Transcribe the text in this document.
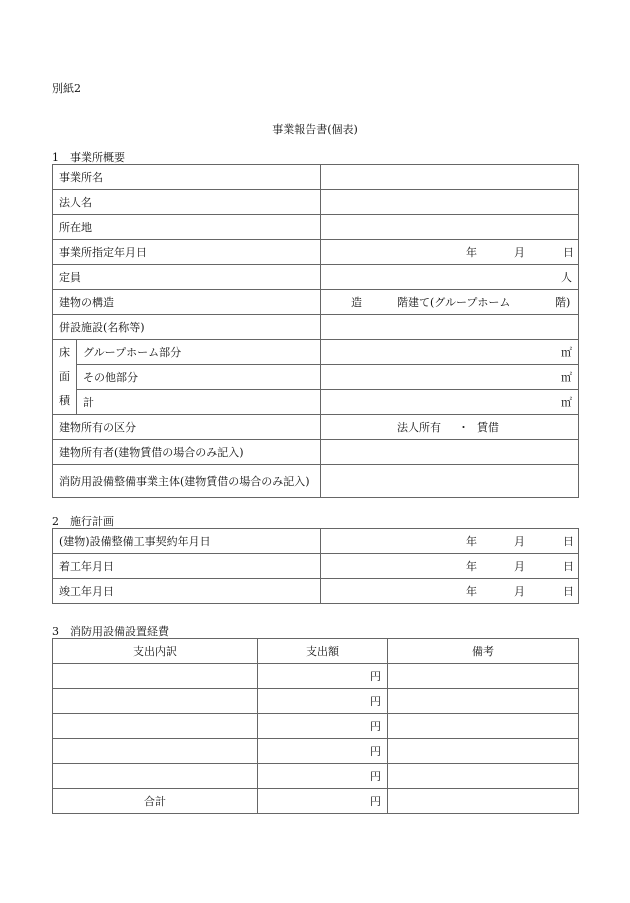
別紙2
事業報告書(個表)
1　事業所概要
事業所名		
法人名		
所在地		
事業所指定年月日		年 月 日

定員		人
建物の構造		造 階建て(グループホーム 階)

併設施設(名称等)		

床
面
積	グループホーム部分	㎡
	その他部分	㎡
	計	㎡
建物所有の区分		法人所有 ・ 賃借

建物所有者(建物賃借の場合のみ記入)		
消防用設備整備事業主体(建物賃借の場合のみ記入)		
2　施行計画
(建物)設備整備工事契約年月日	年 月 日

着工年月日	年 月 日

竣工年月日	年 月 日
3　消防用設備設置経費
支出内訳	支出額	備考
	円	
	円	
	円	
	円	
	円	
合計	円	
